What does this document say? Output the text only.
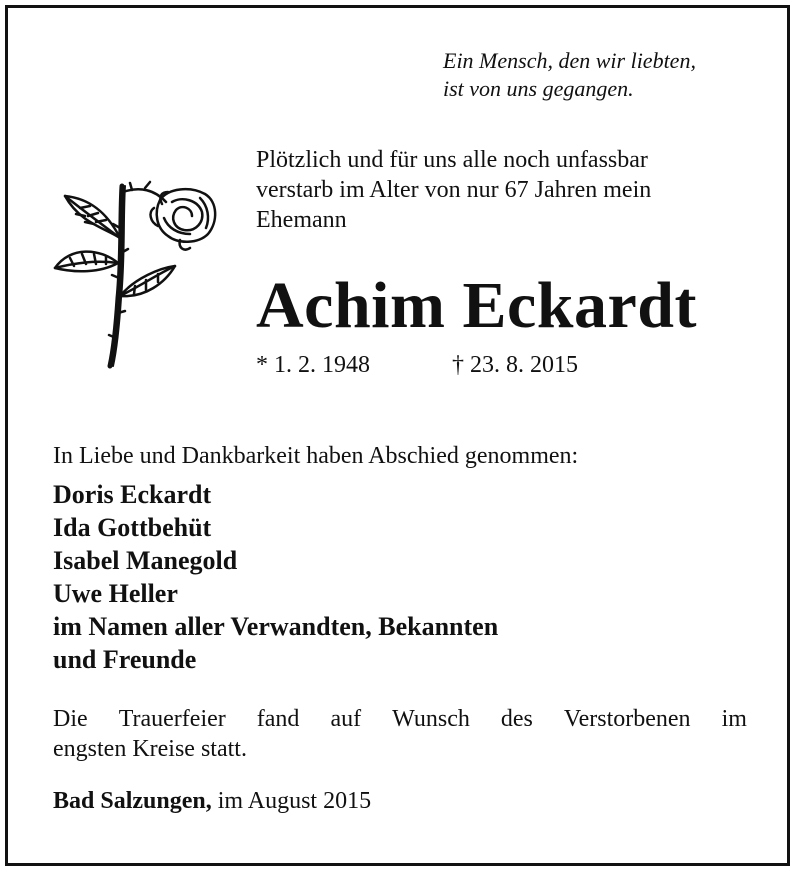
Ein Mensch, den wir liebten,
ist von uns gegangen.
Plötzlich und für uns alle noch unfassbar
verstarb im Alter von nur 67 Jahren mein
Ehemann
Achim Eckardt
* 1. 2. 1948	† 23. 8. 2015
In Liebe und Dankbarkeit haben Abschied genommen:
Doris Eckardt
Ida Gottbehüt
Isabel Manegold
Uwe Heller
im Namen aller Verwandten, Bekannten
und Freunde
Die Trauerfeier fand auf Wunsch des Verstorbenen im
engsten Kreise statt.
Bad Salzungen, im August 2015
